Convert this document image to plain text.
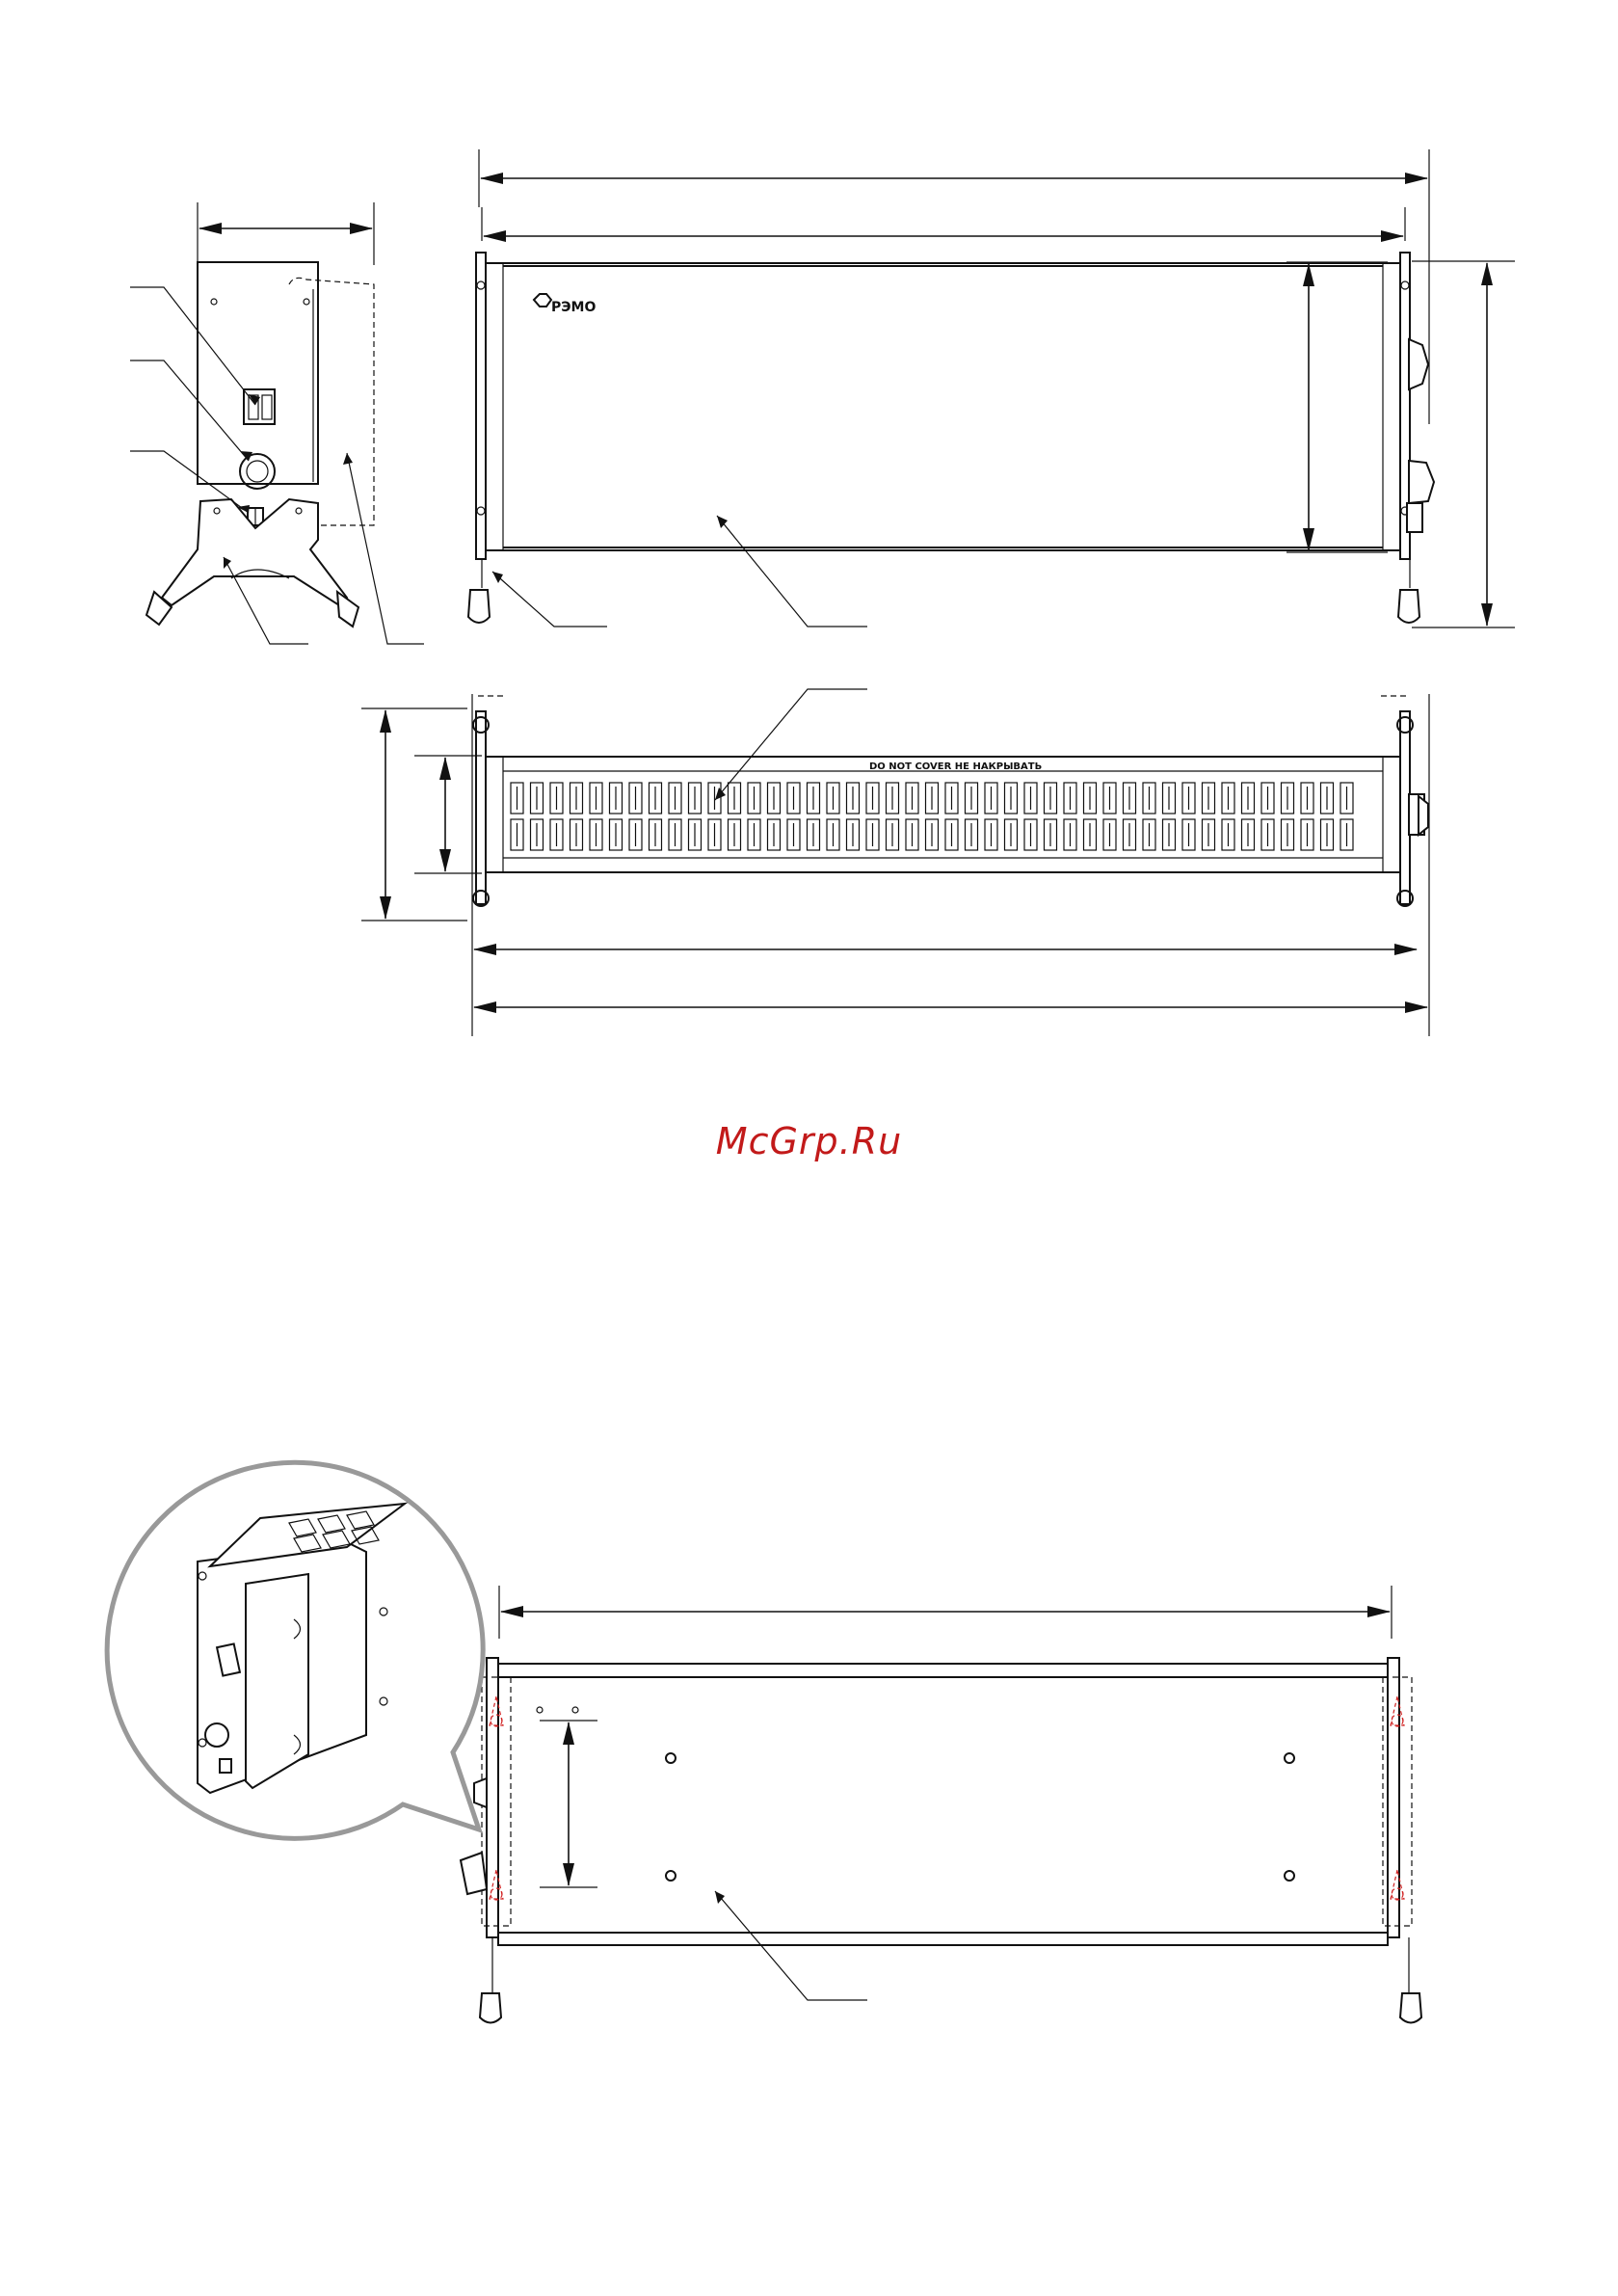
РЭМО
DO NOT COVER НЕ НАКРЫВАТЬ
McGrp.Ru
